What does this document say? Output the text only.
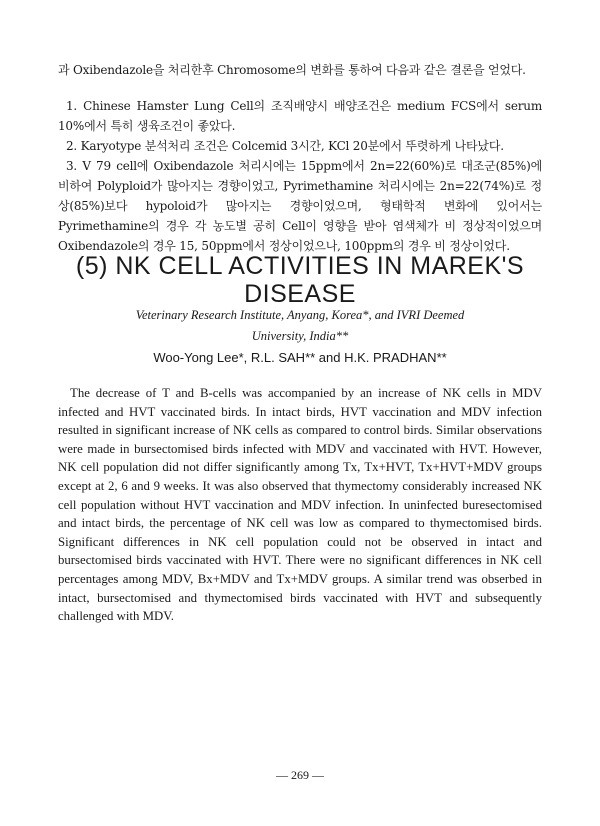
과 Oxibendazole을 처리한후 Chromosome의 변화를 통하여 다음과 같은 결론을 얻었다.

1. Chinese Hamster Lung Cell의 조직배양시 배양조건은 medium FCS에서 serum 10%에서 특히 생육조건이 좋았다.

2. Karyotype 분석처리 조건은 Colcemid 3시간, KCl 20분에서 뚜렷하게 나타났다.

3. V 79 cell에 Oxibendazole 처리시에는 15ppm에서 2n=22(60%)로 대조군(85%)에 비하여 Polyploid가 많아지는 경향이었고, Pyrimethamine 처리시에는 2n=22(74%)로 정상(85%)보다 hypoloid가 많아지는 경향이었으며, 형태학적 변화에 있어서는 Pyrimethamine의 경우 각 농도별 공히 Cell이 영향을 받아 염색체가 비 정상적이었으며 Oxibendazole의 경우 15, 50ppm에서 정상이었으나, 100ppm의 경우 비 정상이었다.

(5) NK CELL ACTIVITIES IN MAREK'S DISEASE
Veterinary Research Institute, Anyang, Korea*, and IVRI Deemed
University, India**
Woo-Yong Lee*, R.L. SAH** and H.K. PRADHAN**

The decrease of T and B-cells was accompanied by an increase of NK cells in MDV infected and HVT vaccinated birds. In intact birds, HVT vaccination and MDV infection resulted in significant increase of NK cells as compared to control birds. Similar observations were made in bursectomised birds infected with MDV and vaccinated with HVT. However, NK cell population did not differ significantly among Tx, Tx+HVT, Tx+HVT+MDV groups except at 2, 6 and 9 weeks. It was also observed that thymectomy considerably increased NK cell population without HVT vaccination and MDV infection. In uninfected buresectomised and intact birds, the percentage of NK cell was low as compared to thymectomised birds. Significant differences in NK cell population could not be observed in intact and bursectomised birds vaccinated with HVT. There were no significant differences in NK cell percentages among MDV, Bx+MDV and Tx+MDV groups. A similar trend was obserbed in intact, bursectomised and thymectomised birds vaccinated with HVT and subsequently challenged with MDV.

— 269 —
